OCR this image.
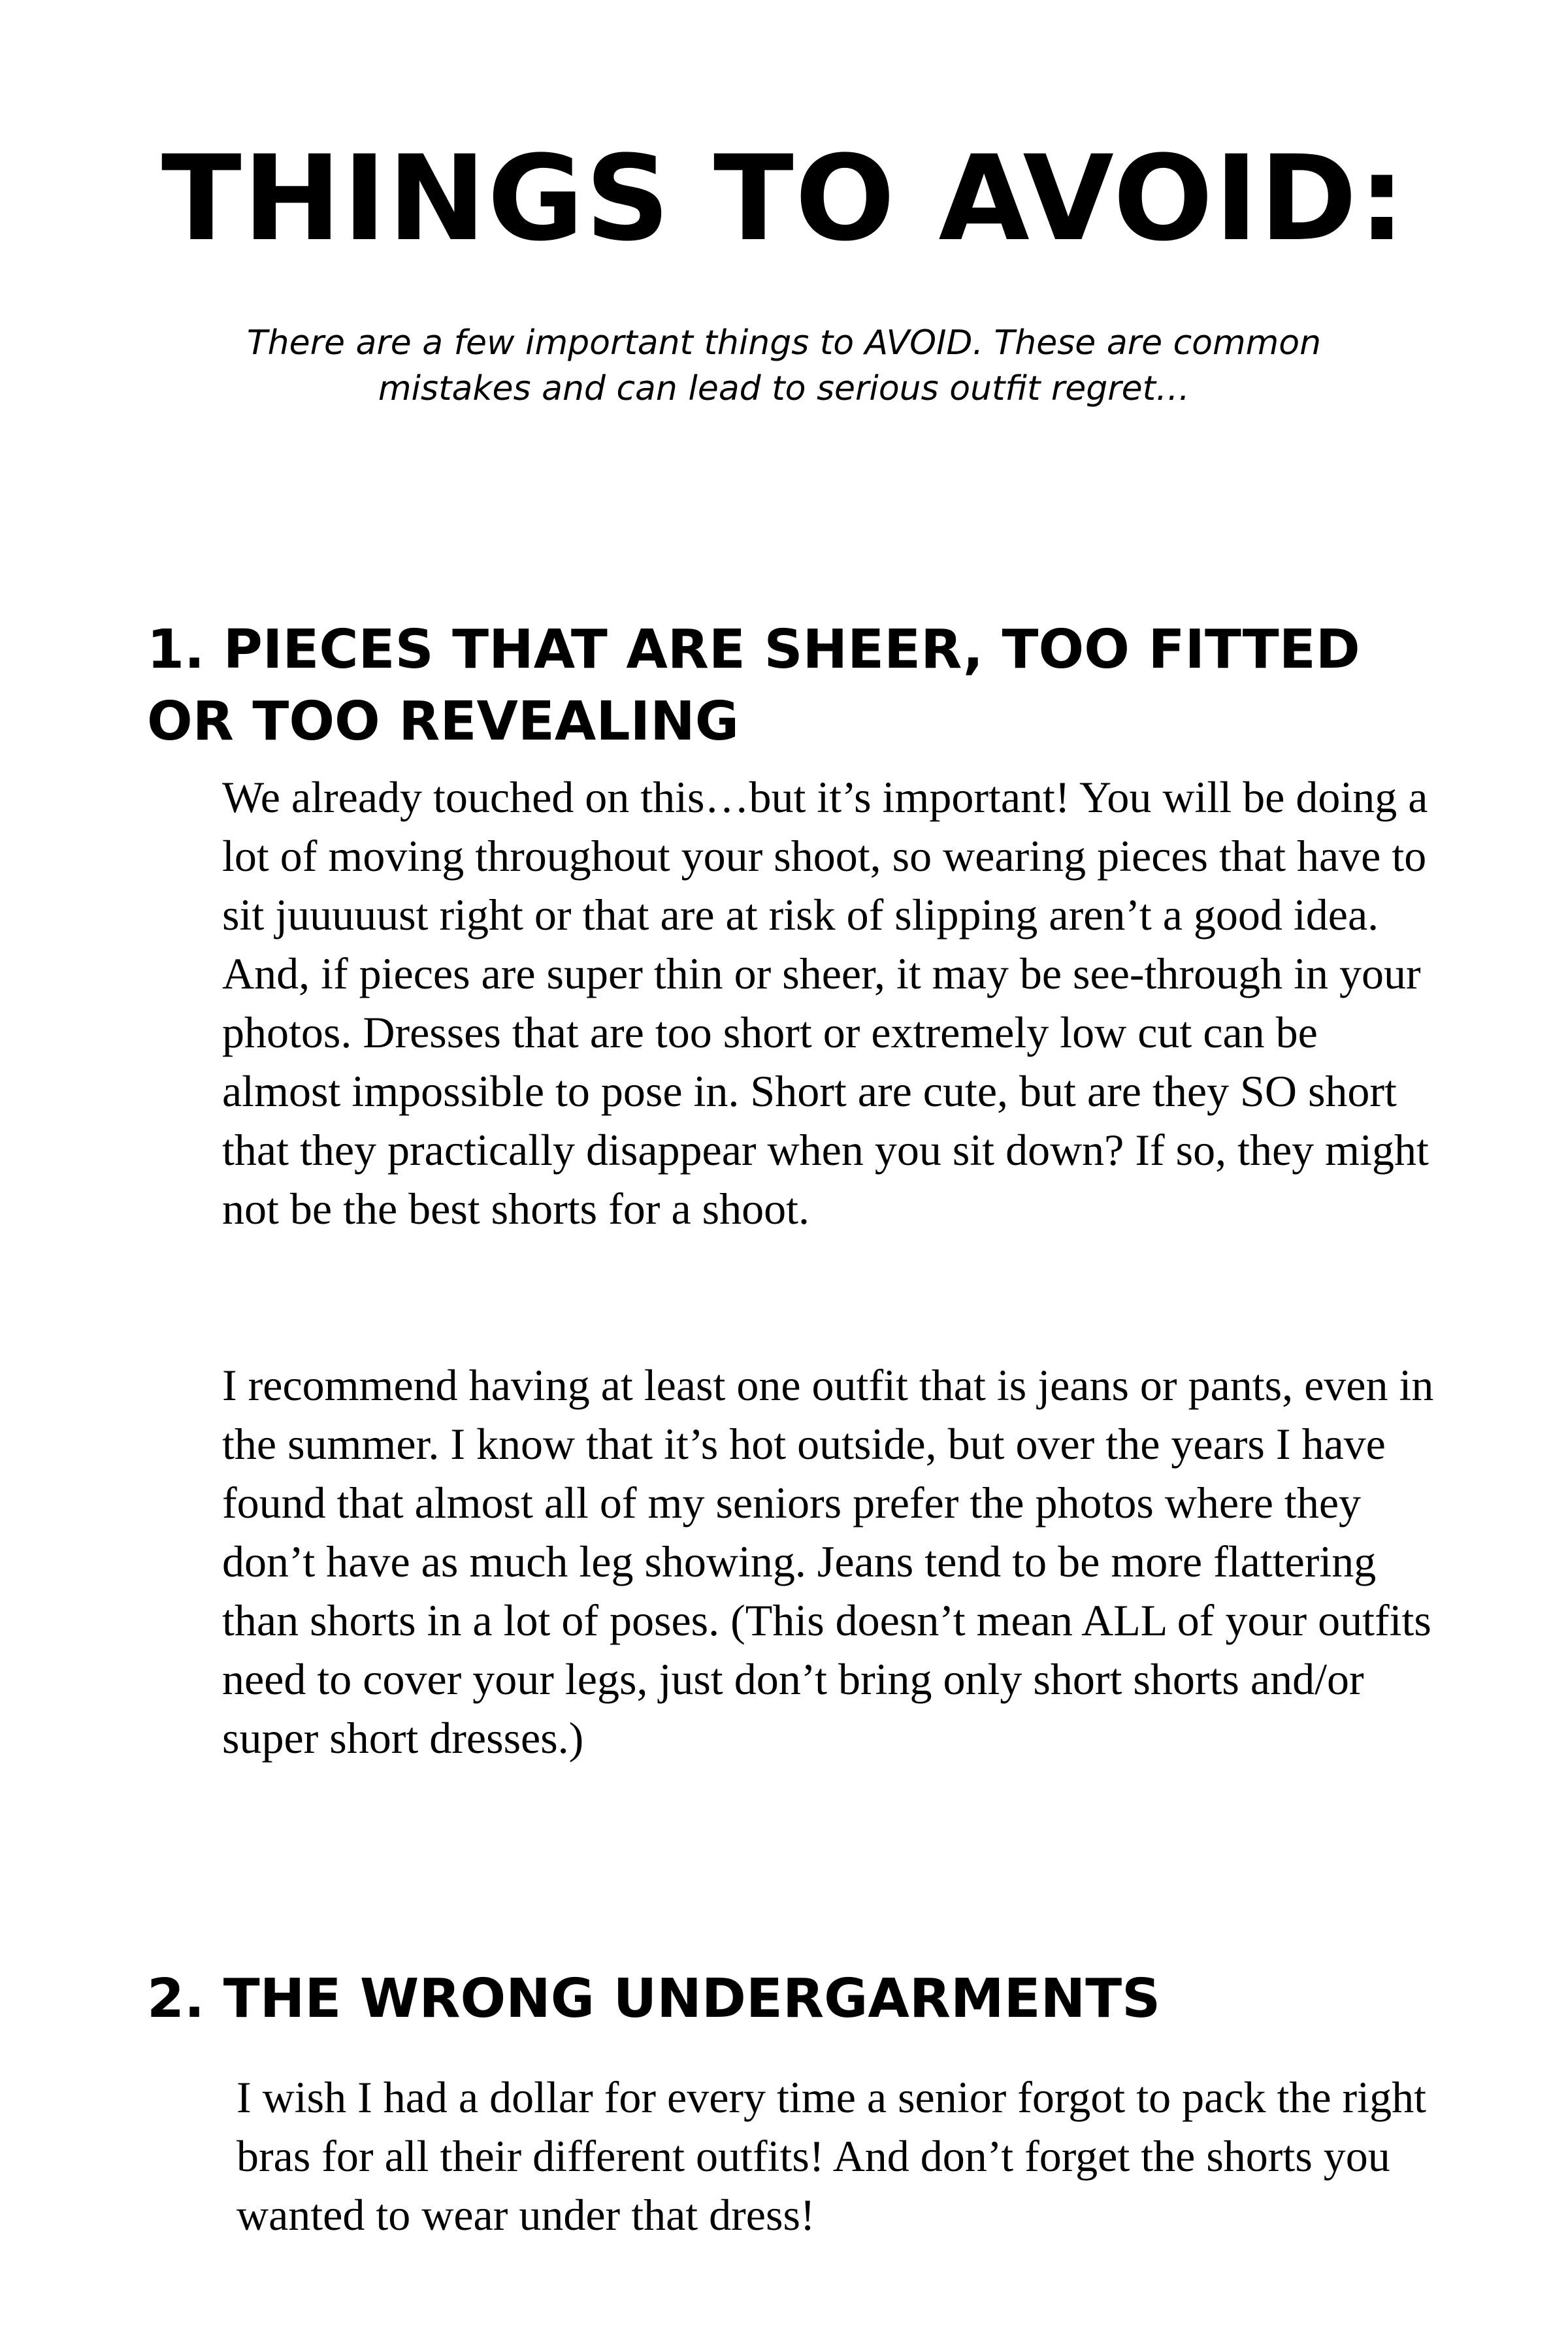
THINGS TO AVOID:

There are a few important things to AVOID. These are common mistakes and can lead to serious outfit regret…

1. PIECES THAT ARE SHEER, TOO FITTED OR TOO REVEALING

We already touched on this…but it’s important! You will be doing a lot of moving throughout your shoot, so wearing pieces that have to sit juuuuust right or that are at risk of slipping aren’t a good idea. And, if pieces are super thin or sheer, it may be see-through in your photos. Dresses that are too short or extremely low cut can be almost impossible to pose in. Short are cute, but are they SO short that they practically disappear when you sit down? If so, they might not be the best shorts for a shoot.

I recommend having at least one outfit that is jeans or pants, even in the summer. I know that it’s hot outside, but over the years I have found that almost all of my seniors prefer the photos where they don’t have as much leg showing. Jeans tend to be more flattering than shorts in a lot of poses. (This doesn’t mean ALL of your outfits need to cover your legs, just don’t bring only short shorts and/or super short dresses.)

2. THE WRONG UNDERGARMENTS

I wish I had a dollar for every time a senior forgot to pack the right bras for all their different outfits! And don’t forget the shorts you wanted to wear under that dress!
